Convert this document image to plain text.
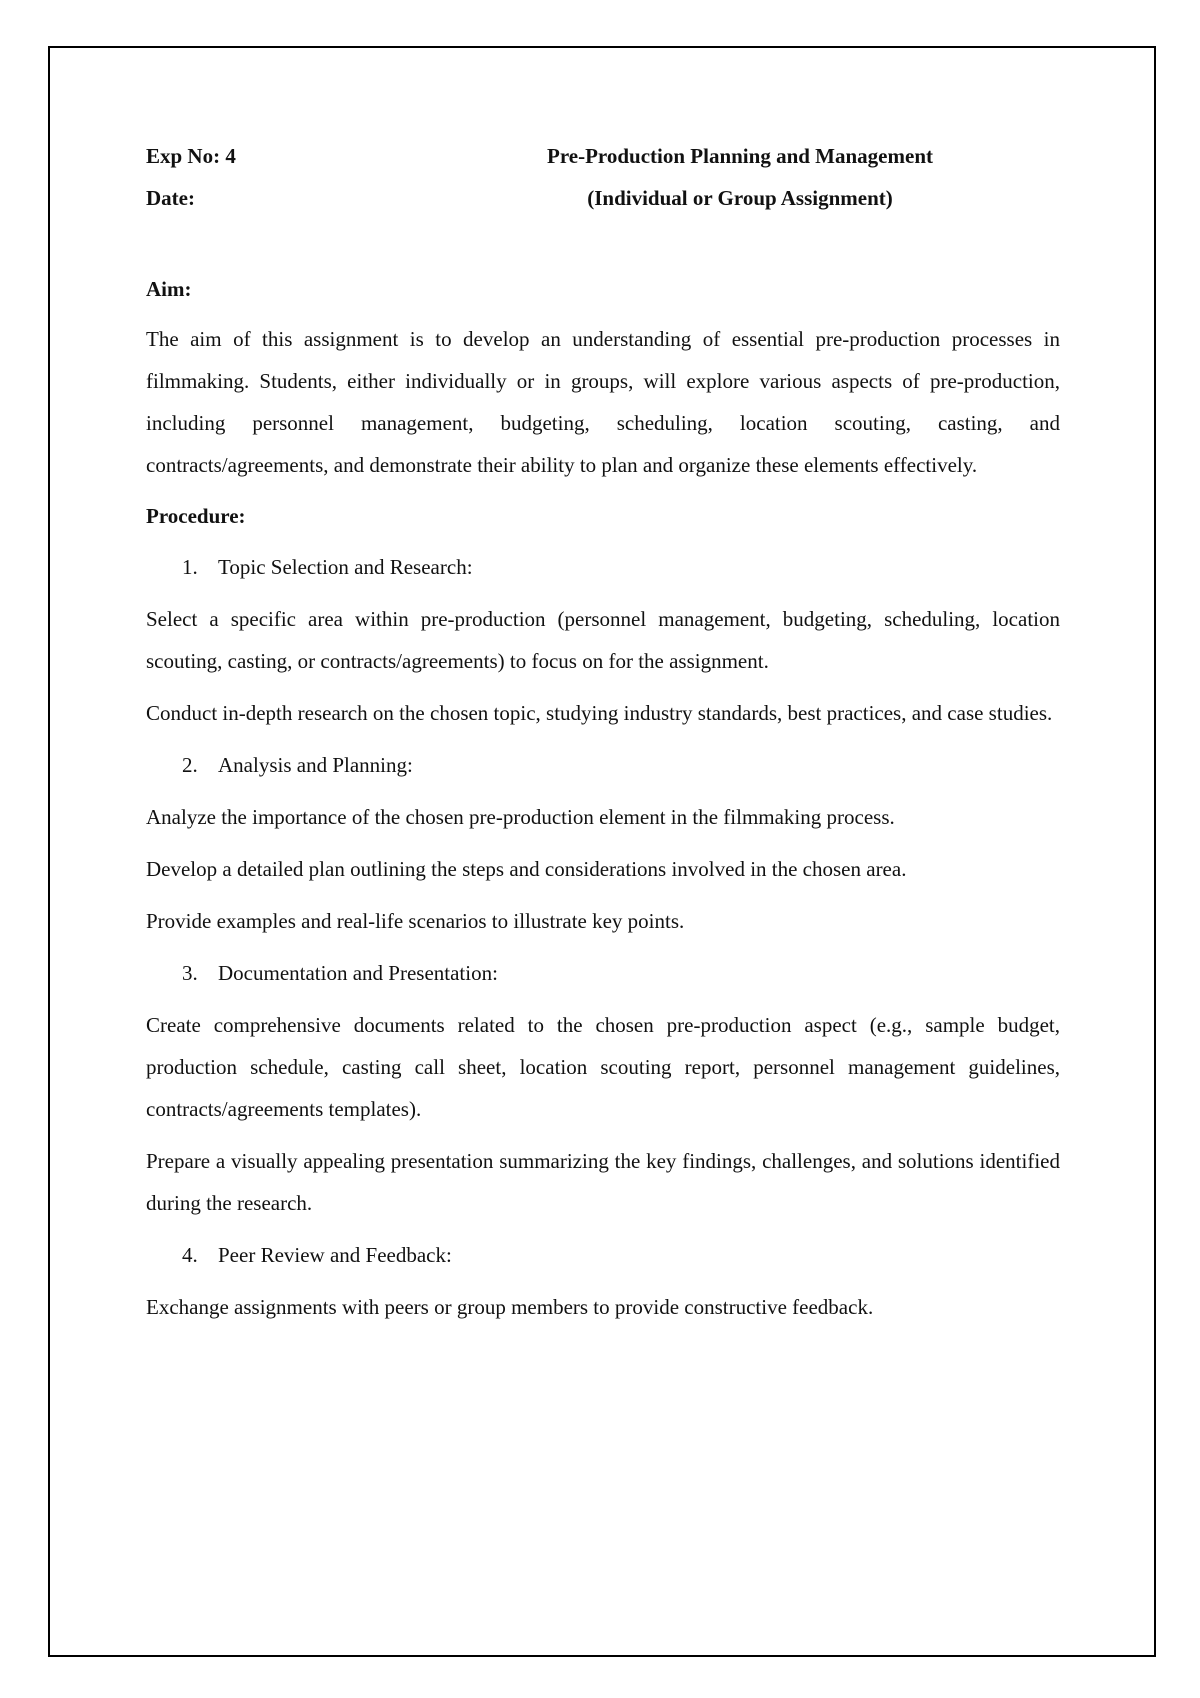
Exp No: 4	Pre-Production Planning and Management
Date:	(Individual or Group Assignment)
Aim:

The aim of this assignment is to develop an understanding of essential pre-production processes in filmmaking. Students, either individually or in groups, will explore various aspects of pre-production, including personnel management, budgeting, scheduling, location scouting, casting, and contracts/agreements, and demonstrate their ability to plan and organize these elements effectively.

Procedure:
1. Topic Selection and Research:

Select a specific area within pre-production (personnel management, budgeting, scheduling, location scouting, casting, or contracts/agreements) to focus on for the assignment.

Conduct in-depth research on the chosen topic, studying industry standards, best practices, and case studies.

2. Analysis and Planning:

Analyze the importance of the chosen pre-production element in the filmmaking process.

Develop a detailed plan outlining the steps and considerations involved in the chosen area.

Provide examples and real-life scenarios to illustrate key points.

3. Documentation and Presentation:

Create comprehensive documents related to the chosen pre-production aspect (e.g., sample budget, production schedule, casting call sheet, location scouting report, personnel management guidelines, contracts/agreements templates).

Prepare a visually appealing presentation summarizing the key findings, challenges, and solutions identified during the research.

4. Peer Review and Feedback:

Exchange assignments with peers or group members to provide constructive feedback.
